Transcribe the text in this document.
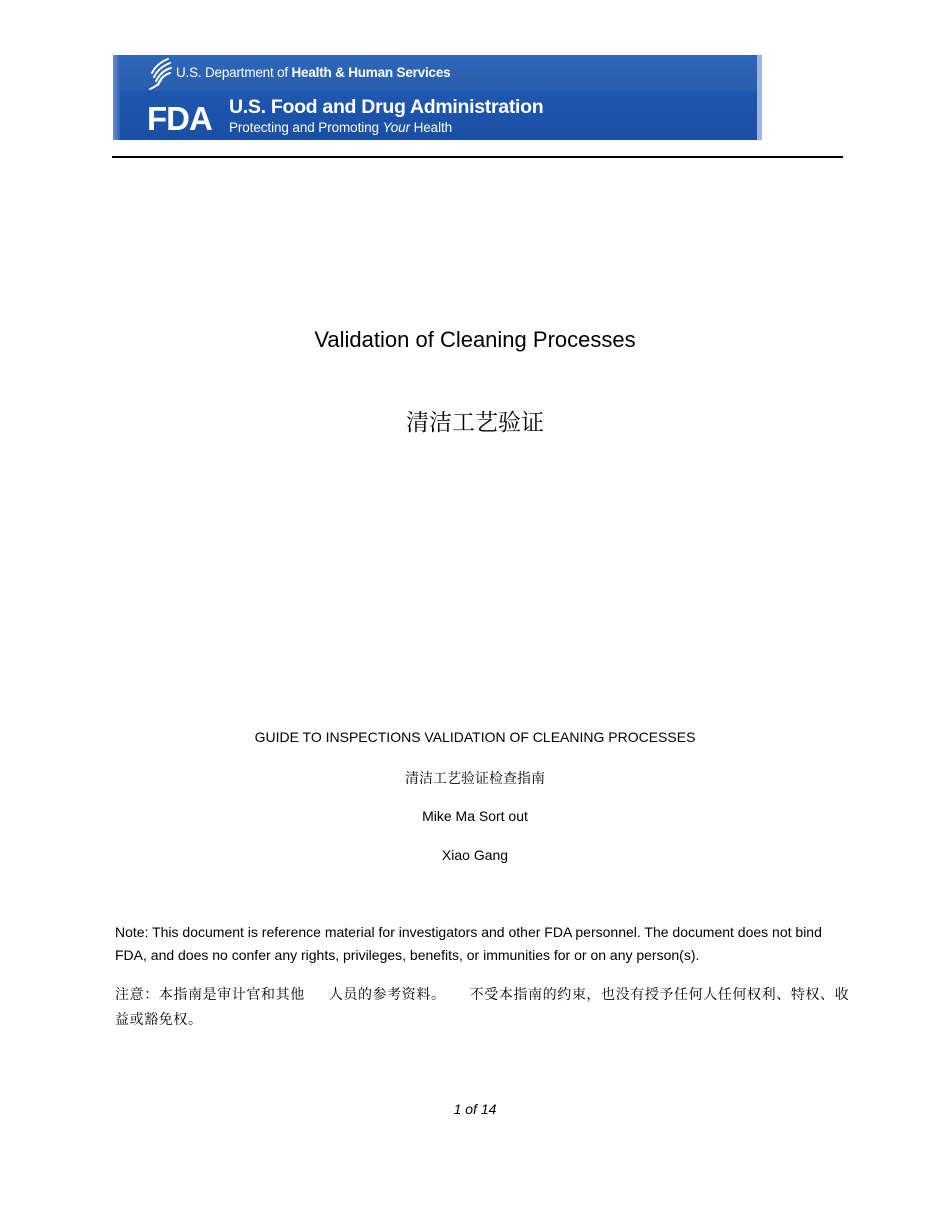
U.S. Department of Health & Human Services
FDA U.S. Food and Drug Administration
Protecting and Promoting Your Health
Validation of Cleaning Processes
清洁工艺验证
GUIDE TO INSPECTIONS VALIDATION OF CLEANING PROCESSES
清洁工艺验证检查指南
Mike Ma Sort out
Xiao Gang
Note: This document is reference material for investigators and other FDA personnel. The document does not bind FDA, and does no confer any rights, privileges, benefits, or immunities for or on any person(s).
注意：本指南是审计官和其他 人员的参考资料。 不受本指南的约束，也没有授予任何人任何权利、特权、收益或豁免权。
1 of 14
